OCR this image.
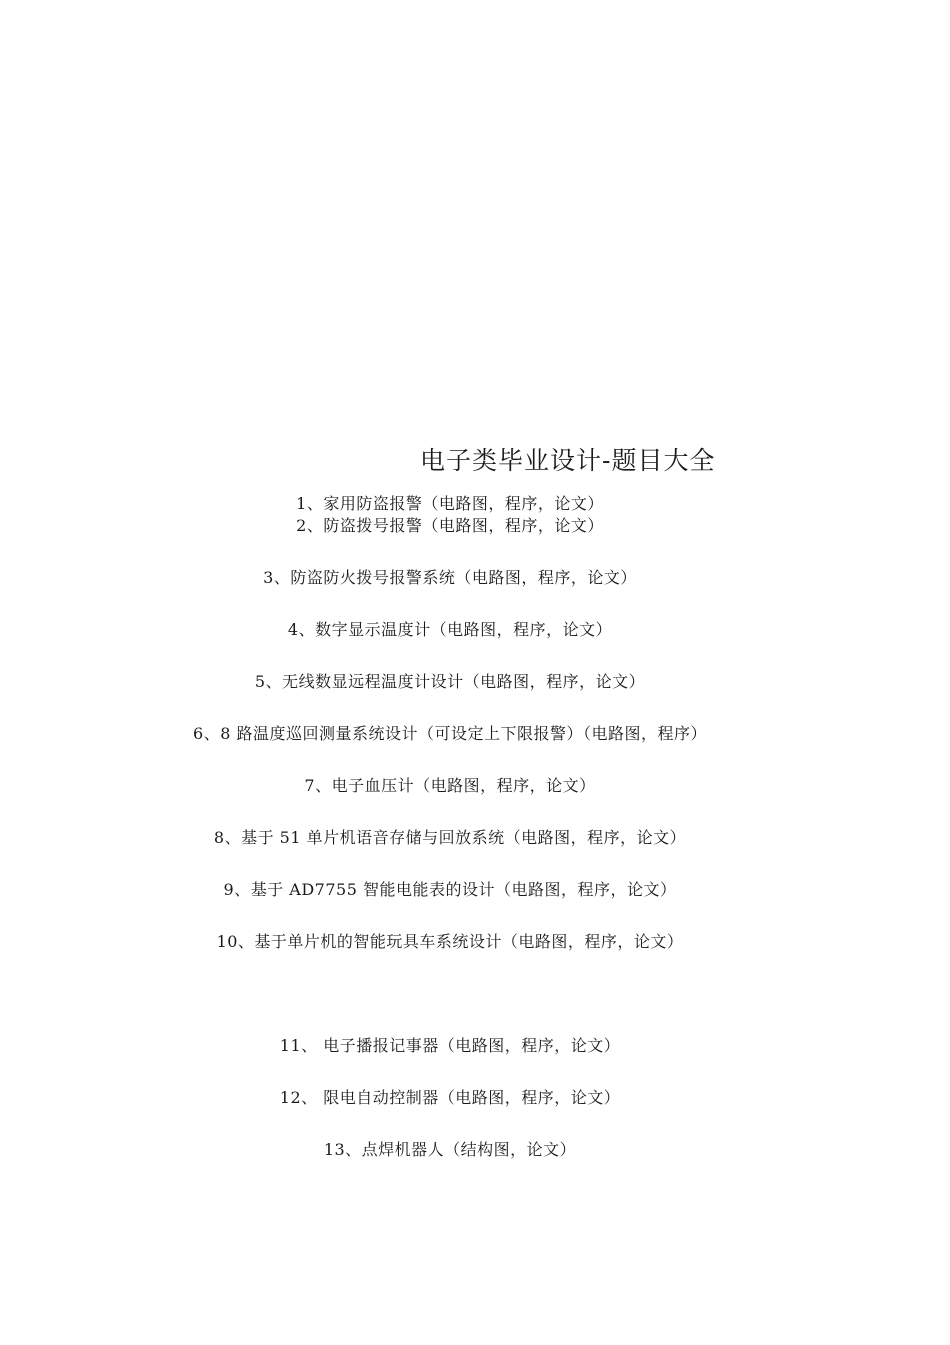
电子类毕业设计-题目大全
1、家用防盗报警（电路图，程序，论文）
2、防盗拨号报警（电路图，程序，论文）
3、防盗防火拨号报警系统（电路图，程序，论文）
4、数字显示温度计（电路图，程序，论文）
5、无线数显远程温度计设计（电路图，程序，论文）
6、8 路温度巡回测量系统设计（可设定上下限报警）（电路图，程序）
7、电子血压计（电路图，程序，论文）
8、基于 51 单片机语音存储与回放系统（电路图，程序，论文）
9、基于 AD7755 智能电能表的设计（电路图，程序，论文）
10、基于单片机的智能玩具车系统设计（电路图，程序，论文）
11、 电子播报记事器（电路图，程序，论文）
12、 限电自动控制器（电路图，程序，论文）
13、点焊机器人（结构图，论文）
